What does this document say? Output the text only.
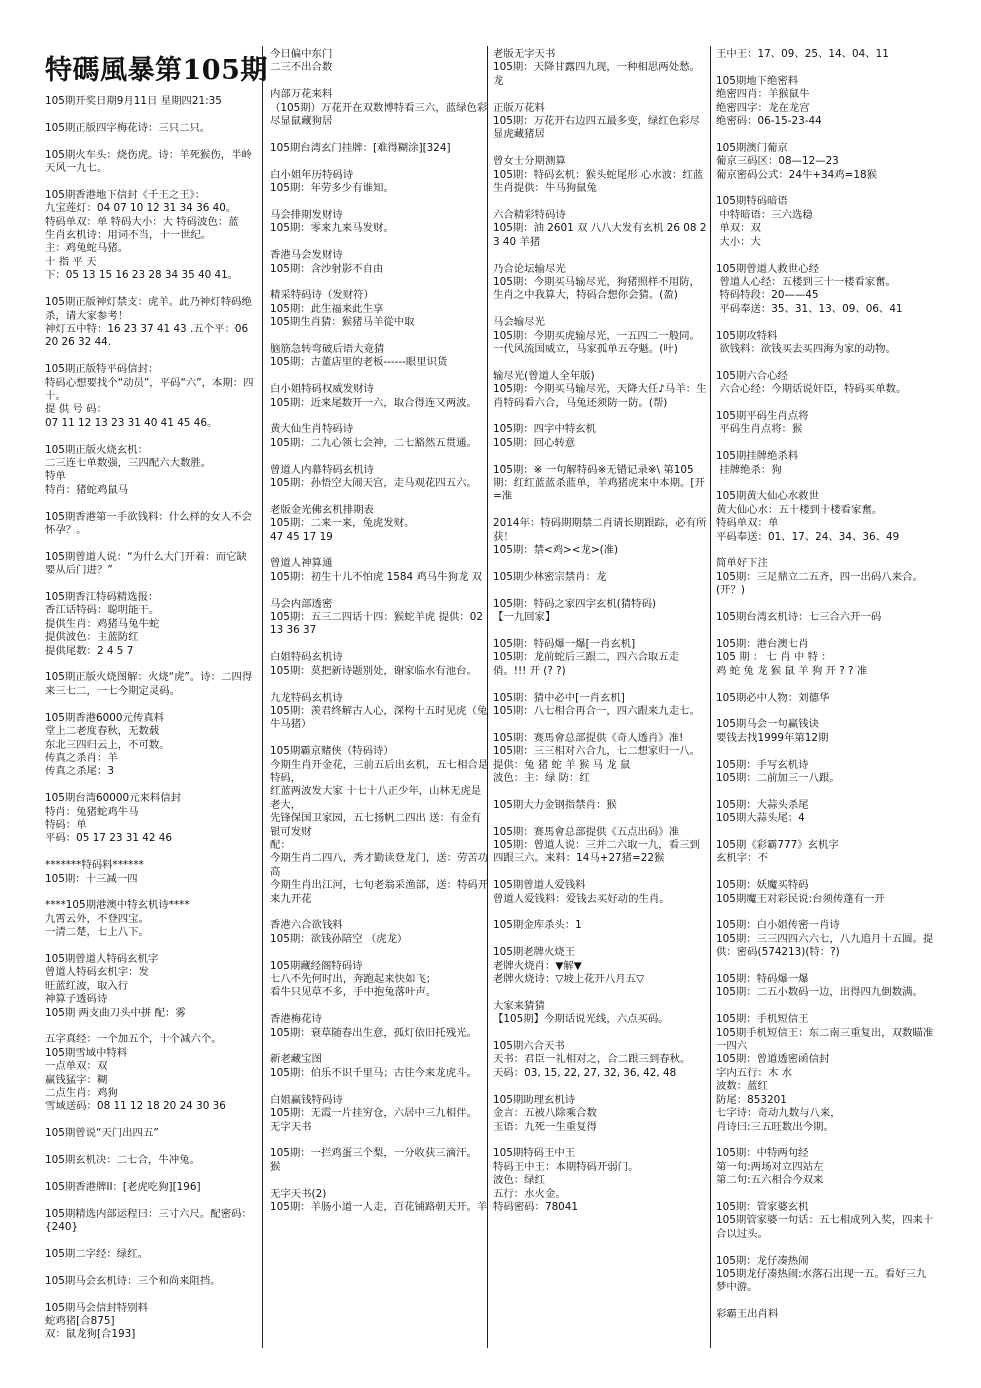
特碼風暴第105期
105期开奖日期9月11日 星期四21:35

105期正版四字梅花诗：三只二只。

105期火车头：烧伤虎。诗：羊死猴伤，半岭天风一九七。

105期香港地下信封《千王之王》：
九宝莲灯：04 07 10 12 31 34 36 40。
特码单双：单 特码大小：大 特码波色：蓝
生肖玄机诗：用词不当，十一世纪。
主：鸡兔蛇马猪。
十 指 平 天
下：05 13 15 16 23 28 34 35 40 41。

105期正版神灯禁支：虎羊。此乃神灯特码绝杀，请大家参考！
神灯五中特：16 23 37 41 43 .五个平：06 20 26 32 44.

105期正版特平码信封：
特码心想要找个“动员”，平码“六”，本期：四十。
提 供 号 码：
07 11 12 13 23 31 40 41 45 46。

105期正版火烧玄机：
二三连七单数强，三四配六大数胜。
特单
特肖：猪蛇鸡鼠马

105期香港第一手欲钱料：什么样的女人不会怀孕？。

105期曾道人说：“为什么大门开着：而它缺要从后门进？”

105期香江特码精选报：
香江话特码：聪明能干。
提供生肖：鸡猪马兔牛蛇
提供波色：主蓝防红
提供尾数：2 4 5 7

105期正版火烧图解：火烧“虎”。诗：二四得来三七二，一七今期定灵码。

105期香港6000元传真料
堂上二老度春秋，无数载
东北三四归云上，不可数。
传真之杀肖：羊
传真之杀尾：3

105期台湾60000元来料信封
特肖：兔猪蛇鸡牛马
特码：单
平码：05 17 23 31 42 46

*******特码料******
105期：十三减一四

****105期港澳中特玄机诗****
九霄云外，不登四宝。
一清二楚，七上八下。

105期曾道人特码玄机字
曾道人特码玄机字：发
旺蓝红波，取入行
神算子透码诗
105期 两支曲刀头中拼 配：雾

五字真经：一个加五个，十个减六个。
105期雪域中特料
一点单双：双
赢钱猛字：糊
二点生肖：鸡狗
雪域送码：08 11 12 18 20 24 30 36

105期曾说“天门出四五”

105期玄机决：二七合，牛冲兔。

105期香港牌II：[老虎吃狗][196]

105期精选内部运程曰：三寸六尺。配密码：{240}

105期二字经：绿红。

105期马会玄机诗：三个和尚来阻挡。

105期马会信封特别料
蛇鸡猪[合875]
双：鼠龙狗[合193]
今日偏中东门
二三不出合数

内部万花来料
（105期）万花开在双数博特看三六，蓝绿色彩尽显鼠藏狗居

105期台湾玄门挂牌：[难得糊涂][324]

白小姐年历特码诗
105期：年劳多少有谁知。

马会排期发财诗
105期：零来九来马发财。

香港马会发财诗
105期：含沙射影不自由

精采特码诗（发财符）
105期：此生福来此生享
105期生肖猜：猴猪马羊從中取

脑筋急转弯破后语大竟猜
105期：古董店里的老板------眼里识货

白小姐特码权威发财诗
105期：近来尾数开一六，取合得连又两波。

黄大仙生肖特码诗
105期：二九心领七会神，二七豁然五贯通。

曾道人内幕特码玄机诗
105期：孙悟空大闹天宫，走马观花四五六。

老版金光佛玄机排期表
105期：二来一来，兔虎发财。
47 45 17 19

曾道人神算通
105期：初生十儿不怕虎 1584 鸡马牛狗龙 双

马会内部透密
105期：五三二四话十四：猴蛇羊虎 提供：02 13 36 37

白姐特码玄机诗
105期：莫把新诗题别处，谢家临水有池台。

九龙特码玄机诗
105期：羡君终解古人心，深构十五时见虎（兔牛马猪）

105期霸京赌侠（特码诗）
今期生肖开金花，三前五后出玄机，五七相合是特码，
红蓝两波发大家 十七十八正少年，山林无虎是老大，
先锋保国卫家园，五七扬帆二四出 送：有金有银可发财
配：
今期生肖二四八，秀才勤读登龙门，送：劳苦功高
今期生肖出江河，七旬老翁采渔部，送：特码开来九开花

香港六合欲钱料
105期：欲钱孙陪空 （虎龙）

105期藏经阁特码诗
七八不先何时出，奔跑起来快如飞；
看牛只见草不多，手中抱兔落叶声。

香港梅花诗
105期：衰草随春出生意，孤灯依旧托残光。

新老藏宝图
105期：伯乐不识千里马；古往今来龙虎斗。

白姐赢钱特码诗
105期：无霞一片挂穷仓，六居中三九相伴。 无字天书

105期：一拦鸡蛋三个梨，一分收获三滴汗。 猴

无字天书(2)
105期：羊肠小道一人走，百花铺路朝天开。羊
老版无字天书
105期：天降甘露四九现，一种相思两处愁。龙

正版万花料
105期：万花开右边四五最多变，绿红色彩尽显虎藏猪居

曾女士分期测算
105期：特码玄机：猴头蛇尾形 心水波：红蓝 生肖提供：牛马狗鼠兔

六合精彩特码诗
105期：油 2601 双 八八大发有玄机 26 08 23 40 羊猪

乃合论坛输尽光
105期：今期买马输尽光，狗猪照样不用防，生肖之中我算大，特码合想你会猜。(盈)

马会输尽光
105期：今期买虎输尽光，一五四二一般同。一代风流国威立，马家孤单五夺魁。(叶)

输尽光(曾道人全年版)
105期：今期买马输尽光，天降大任♪马羊：生肖特码看六合，马兔还须防一防。(帮)

105期：四字中特玄机
105期：回心转意

105期：※ 一句解特码※无错记录※\ 第105期：红红蓝蓝杀蓝单，羊鸡猪虎来中本期。[开=准

2014年：特码期期禁二肖请长期跟踪，必有所获！
105期：禁<鸡><龙>(准)

105期少林密宗禁肖：龙

105期：特码之家四字玄机(猜特码)
【一九回家】

105期：特码爆一爆[一肖玄机]
105期：龙前蛇后三跟二，四六合取五走俏。!!! 开 (? ?)

105期：猜中必中[一肖玄机]
105期：八七相合再合一，四六跟来九走七。

105期：赛馬會总部提供《奇人透肖》准!
105期：三三相对六合九，七二想家归一八。
提供：兔 猪 蛇 羊 猴 马 龙 鼠
波色：主：绿 防：红

105期大力金钢指禁肖：猴

105期：赛馬會总部提供《五点出码》准
105期：曾道人说：三并二六取一九，看三到四跟三六。来料：14马+27猪=22猴

105期曾道人爱钱料
曾道人爱钱料：爱钱去买好动的生肖。

105期金库杀头：1

105期老牌火烧王
老牌火烧肖：▼解▼
老牌火烧诗：▽坡上花开八月五▽

大家来猜猜
【105期】今期话说光线，六点买码。

105期六合天书
天书：君臣一礼相对之，合二跟三到春秋。
天码：03, 15, 22, 27, 32, 36, 42, 48

105期助理玄机诗
金言：五被八除乘合数
玉语：九死一生重复得

105期特码王中王
特码王中王：本期特码开弱门。
波色：绿红
五行：水火金。
特码密码：78041
王中王：17、09、25、14、04、11

105期地下绝密料
绝密四肖：羊猴鼠牛
绝密四字：龙在龙宫
绝密码：06-15-23-44

105期澳门葡京
葡京三码区：08—12—23
葡京密码公式：24牛+34鸡=18猴

105期特码暗语
中特暗语：三六选稳
单双：双
大小：大

105期曾道人救世心经
曾道人心经：五楼到三十一楼看家奮。
特码特段：20——45
平码奉送：35、31、13、09、06、41

105期攻特料
欲钱料：欲钱买去买四海为家的动物。

105期六合心经
六合心经：今期话说奸臣，特码买单数。

105期平码生肖点将
平码生肖点将：猴

105期挂牌绝杀料
挂牌绝杀：狗

105期黄大仙心水救世
黄大仙心水：五十楼到十楼看家奮。
特码单双：单
平码奉送：01、17、24、34、36、49

简单好下注
105期：三足鼎立二五齐，四一出码八来合。(开？)

105期台湾玄机诗：七三合六开一码

105期：港台澳七肖
105 期 ： 七 肖 中 特 ：
鸡 蛇 兔 龙 猴 鼠 羊 狗 开 ? ? 准

105期必中人物：刘德华

105期马会一句赢钱诀
要钱去找1999年第12期

105期：手写玄机诗
105期：二前加三一八跟。

105期：大蒜头杀尾
105期大蒜头尾：4

105期《彩霸777》玄机字
玄机字：不

105期：妖魔买特码
105期魔王对彩民说:台须传蓬有一开

105期：白小姐传密一肖诗
105期：三三四四六六七，八九追月十五圆。提供：密码(574213)(特：?)

105期：特码爆一爆
105期：二五小数码一边，出得四九倒数满。

105期：手机短信王
105期手机短信王：东二南三重复出，双数瞄准一四六
105期：曾道透密函信封
字内五行：木 水
波数：蓝红
防尾：853201
七字诗：奇动九数与八来，
肖诗曰:三五旺数出今期。

105期：中特两句经
第一句:两场对立四站左
第二句:五六相合今双来

105期：管家婆玄机
105期管家婆一句话：五七相成列入奖，四来十合以过头。

105期：龙仔凑热闹
105期龙仔凑热闹:水落石出现一五。看好三九梦中游。

彩霸王出肖料
